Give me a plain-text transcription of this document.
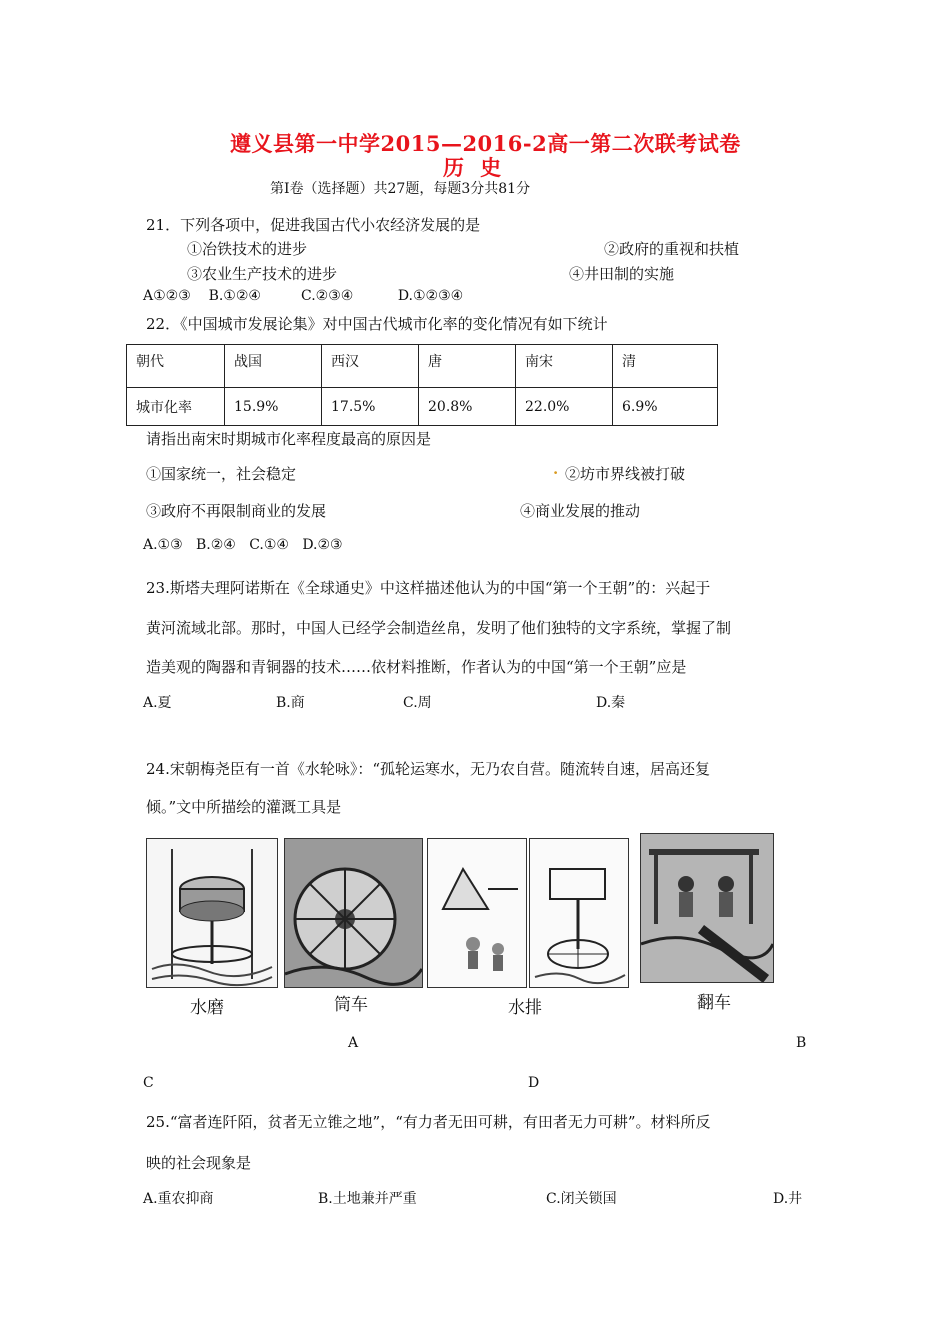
遵义县第一中学2015—2016-2高一第二次联考试卷
历  史
第Ⅰ卷（选择题）共27题，每题3分共81分
21．下列各项中，促进我国古代小农经济发展的是
①冶铁技术的进步	②政府的重视和扶植
③农业生产技术的进步	④井田制的实施
A①②③    B.①②④         C.②③④          D.①②③④
22．《中国城市发展论集》对中国古代城市化率的变化情况有如下统计
朝代	战国	西汉	唐	南宋	清
城市化率	15.9%	17.5%	20.8%	22.0%	6.9%
请指出南宋时期城市化率程度最高的原因是
①国家统一，社会稳定	. ②坊市界线被打破
③政府不再限制商业的发展	④商业发展的推动
A.①③   B.②④   C.①④   D.②③
23.斯塔夫理阿诺斯在《全球通史》中这样描述他认为的中国“第一个王朝”的：兴起于
黄河流域北部。那时，中国人已经学会制造丝帛，发明了他们独特的文字系统，掌握了制
造美观的陶器和青铜器的技术……依材料推断，作者认为的中国“第一个王朝”应是
A.夏	B.商	C.周	D.秦
24.宋朝梅尧臣有一首《水轮咏》：“孤轮运寒水，无乃农自营。随流转自速，居高还复
倾。”文中所描绘的灌溉工具是
水磨	筒车	水排	翻车
A	B
C	D
25.“富者连阡陌，贫者无立锥之地”，“有力者无田可耕，有田者无力可耕”。材料所反
映的社会现象是
A.重农抑商	B.土地兼并严重	C.闭关锁国	D.井
